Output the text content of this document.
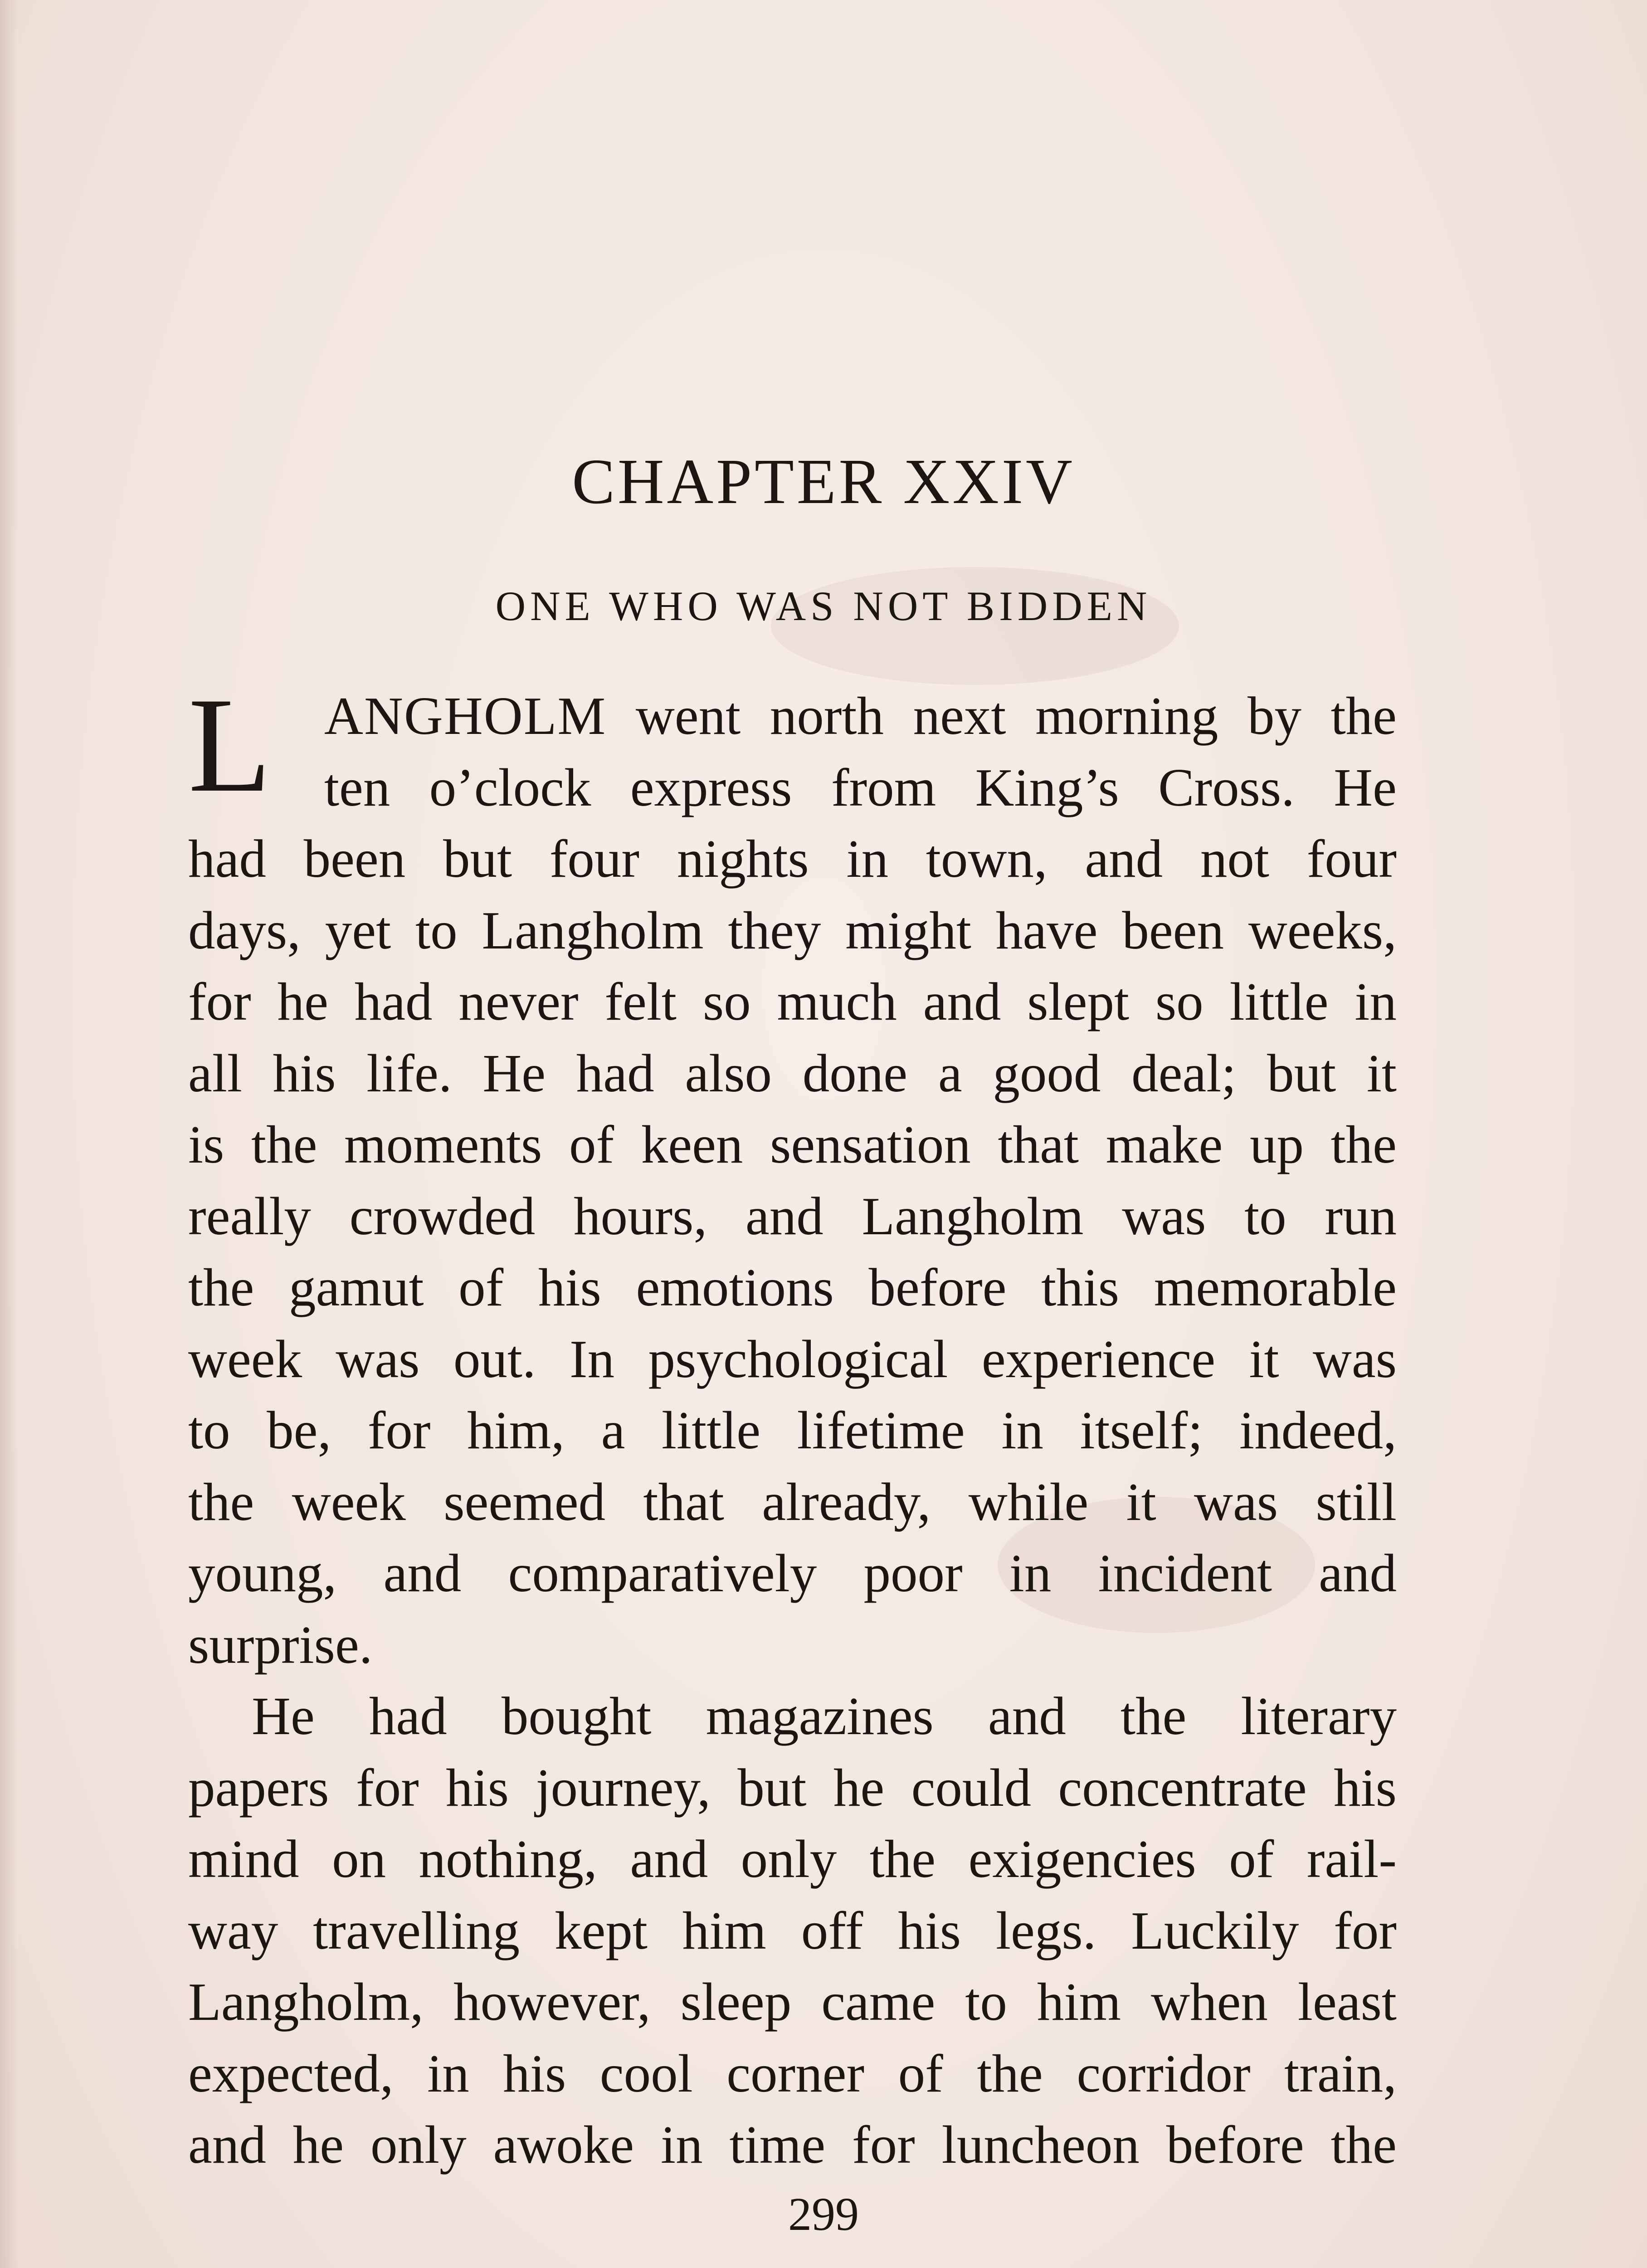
CHAPTER XXIV
ONE WHO WAS NOT BIDDEN
L ANGHOLM went north next morning by the
ten o’clock express from King’s Cross. He
had been but four nights in town, and not four
days, yet to Langholm they might have been weeks,
for he had never felt so much and slept so little in
all his life. He had also done a good deal; but it
is the moments of keen sensation that make up the
really crowded hours, and Langholm was to run
the gamut of his emotions before this memorable
week was out. In psychological experience it was
to be, for him, a little lifetime in itself; indeed,
the week seemed that already, while it was still
young, and comparatively poor in incident and
surprise.
He had bought magazines and the literary
papers for his journey, but he could concentrate his
mind on nothing, and only the exigencies of rail-
way travelling kept him off his legs. Luckily for
Langholm, however, sleep came to him when least
expected, in his cool corner of the corridor train,
and he only awoke in time for luncheon before the
299
